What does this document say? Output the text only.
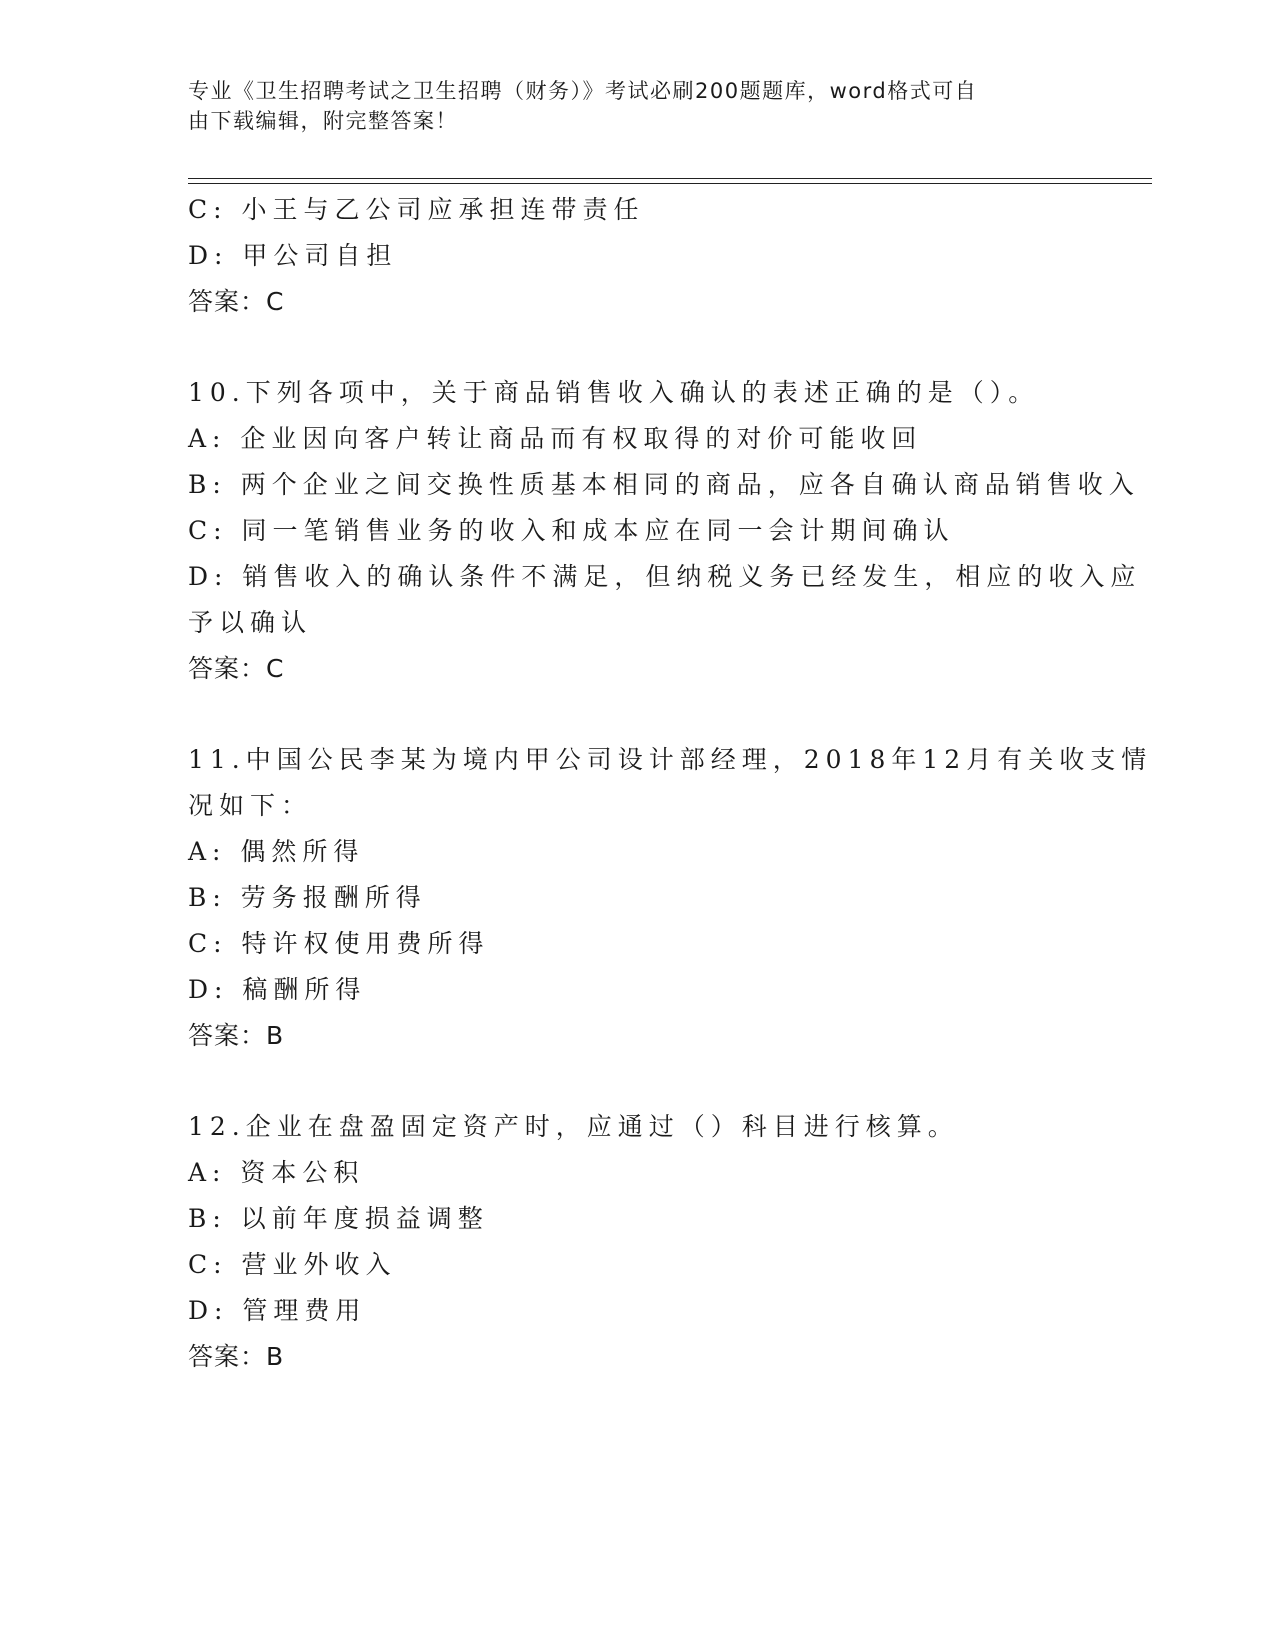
专业《卫生招聘考试之卫生招聘（财务）》考试必刷200题题库，word格式可自
由下载编辑，附完整答案！
C: 小王与乙公司应承担连带责任
D: 甲公司自担
答案：C
10.下列各项中，关于商品销售收入确认的表述正确的是（）。
A: 企业因向客户转让商品而有权取得的对价可能收回
B: 两个企业之间交换性质基本相同的商品，应各自确认商品销售收入
C: 同一笔销售业务的收入和成本应在同一会计期间确认
D: 销售收入的确认条件不满足，但纳税义务已经发生，相应的收入应
予以确认
答案：C
11.中国公民李某为境内甲公司设计部经理，2018年12月有关收支情
况如下：
A: 偶然所得
B: 劳务报酬所得
C: 特许权使用费所得
D: 稿酬所得
答案：B
12.企业在盘盈固定资产时，应通过（）科目进行核算。
A: 资本公积
B: 以前年度损益调整
C: 营业外收入
D: 管理费用
答案：B
